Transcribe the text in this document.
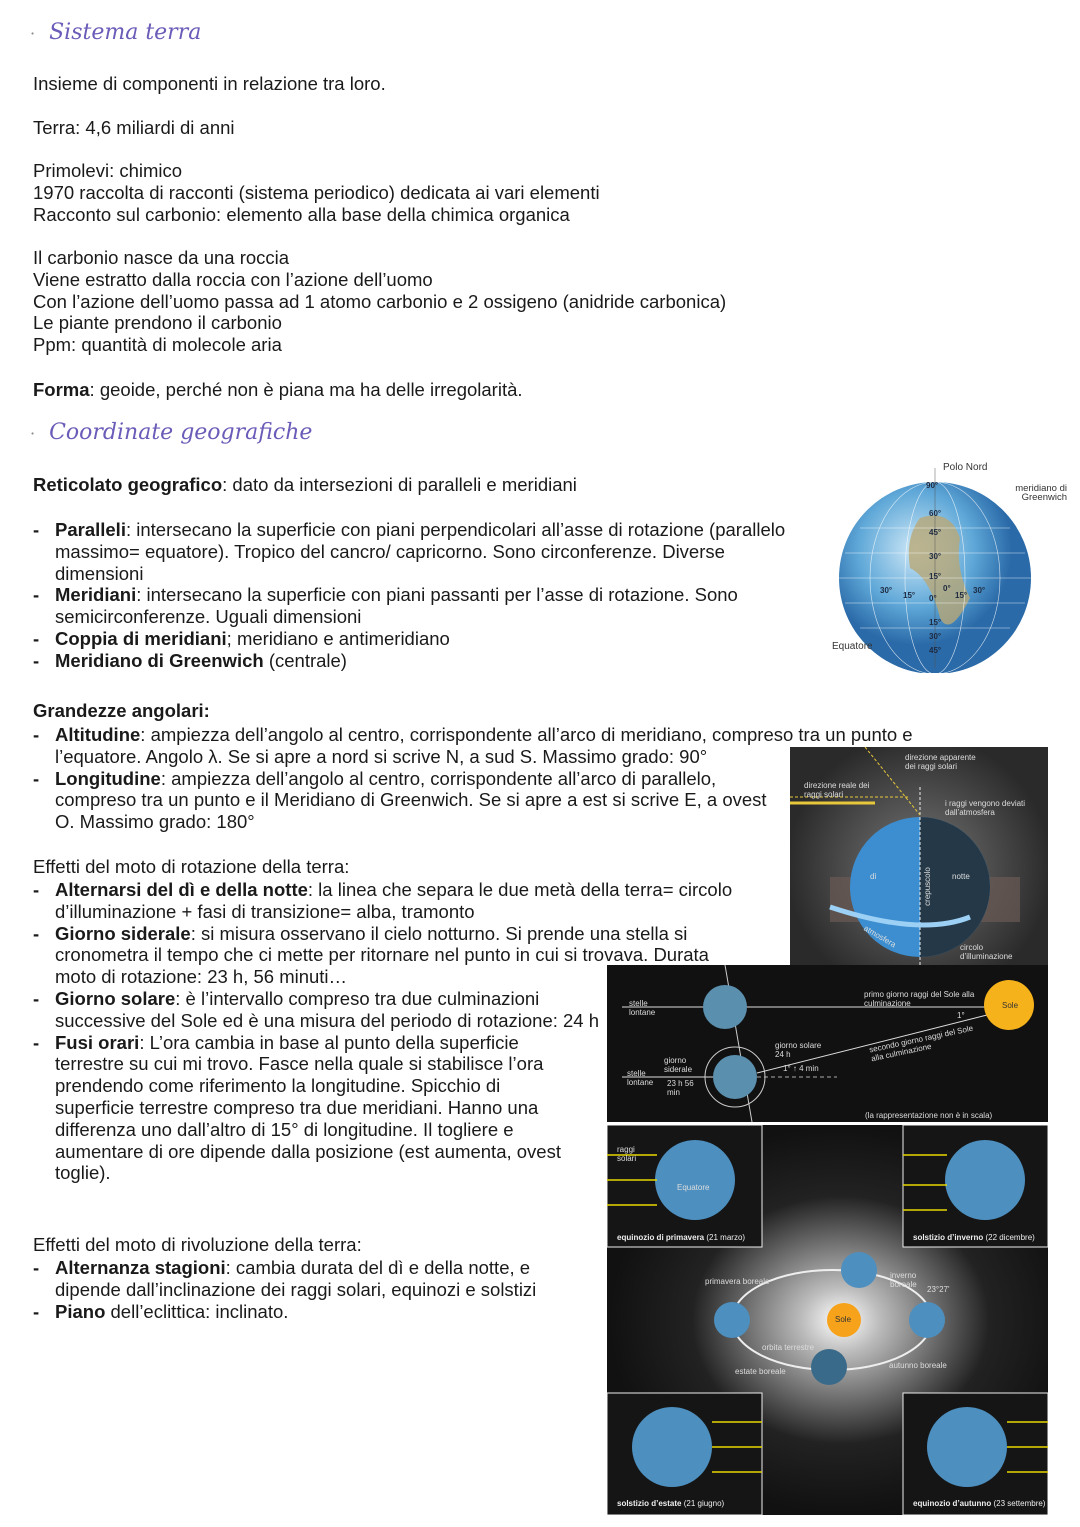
· Sistema terra
Insieme di componenti in relazione tra loro.
Terra: 4,6 miliardi di anni
Primolevi: chimico
1970 raccolta di racconti (sistema periodico) dedicata ai vari elementi
Racconto sul carbonio: elemento alla base della chimica organica
Il carbonio nasce da una roccia
Viene estratto dalla roccia con l’azione dell’uomo
Con l’azione dell’uomo passa ad 1 atomo carbonio e 2 ossigeno (anidride carbonica)
Le piante prendono il carbonio
Ppm: quantità di molecole aria
Forma: geoide, perché non è piana ma ha delle irregolarità.
· Coordinate geografiche
Reticolato geografico: dato da intersezioni di paralleli e meridiani
- Paralleli: intersecano la superficie con piani perpendicolari all’asse di rotazione (parallelo massimo= equatore). Tropico del cancro/ capricorno. Sono circonferenze. Diverse dimensioni
- Meridiani: intersecano la superficie con piani passanti per l’asse di rotazione. Sono semicirconferenze. Uguali dimensioni
- Coppia di meridiani; meridiano e antimeridiano
- Meridiano di Greenwich (centrale)
Grandezze angolari:
- Altitudine: ampiezza dell’angolo al centro, corrispondente all’arco di meridiano, compreso tra un punto e l’equatore. Angolo λ. Se si apre a nord si scrive N, a sud S. Massimo grado: 90°
- Longitudine: ampiezza dell’angolo al centro, corrispondente all’arco di parallelo, compreso tra un punto e il Meridiano di Greenwich. Se si apre a est si scrive E, a ovest O. Massimo grado: 180°
Effetti del moto di rotazione della terra:
- Alternarsi del dì e della notte: la linea che separa le due metà della terra= circolo d’illuminazione + fasi di transizione= alba, tramonto
- Giorno siderale: si misura osservano il cielo notturno. Si prende una stella si cronometra il tempo che ci mette per ritornare nel punto in cui si trovava. Durata moto di rotazione: 23 h, 56 minuti…
- Giorno solare: è l’intervallo compreso tra due culminazioni successive del Sole ed è una misura del periodo di rotazione: 24 h
- Fusi orari: L’ora cambia in base al punto della superficie terrestre su cui mi trovo. Fasce nella quale si stabilisce l’ora prendendo come riferimento la longitudine. Spicchio di superficie terrestre compreso tra due meridiani. Hanno una differenza uno dall’altro di 15° di longitudine. Il togliere e aumentare di ore dipende dalla posizione (est aumenta, ovest toglie).
Effetti del moto di rivoluzione della terra:
- Alternanza stagioni: cambia durata del dì e della notte, e dipende dall’inclinazione dei raggi solari, equinozi e solstizi
- Piano dell’eclittica: inclinato.
90°
60°
45°
30°
15°
0°
15°
30°
45°
30°
15°
0°
15°
30°
Polo Nord
meridiano di Greenwich
Equatore
direzione apparente dei raggi solari
direzione reale dei raggi solari
i raggi vengono deviati dall’atmosfera
dì	notte
crepuscolo
atmosfera	circolo d’illuminazione
stelle lontane
stelle lontane
primo giorno raggi del Sole alla culminazione
secondo giorno raggi del Sole alla culminazione
giorno solare 24 h
giorno siderale
23 h 56 min
Sole
1°
1° ↑ 4 min
(la rappresentazione non è in scala)
equinozio di primavera (21 marzo)	solstizio d’inverno (22 dicembre)
solstizio d’estate (21 giugno)	equinozio d’autunno (23 settembre)
raggi solari
Equatore
primavera boreale
inverno boreale
23°27'
Sole
orbita terrestre
estate boreale
autunno boreale
